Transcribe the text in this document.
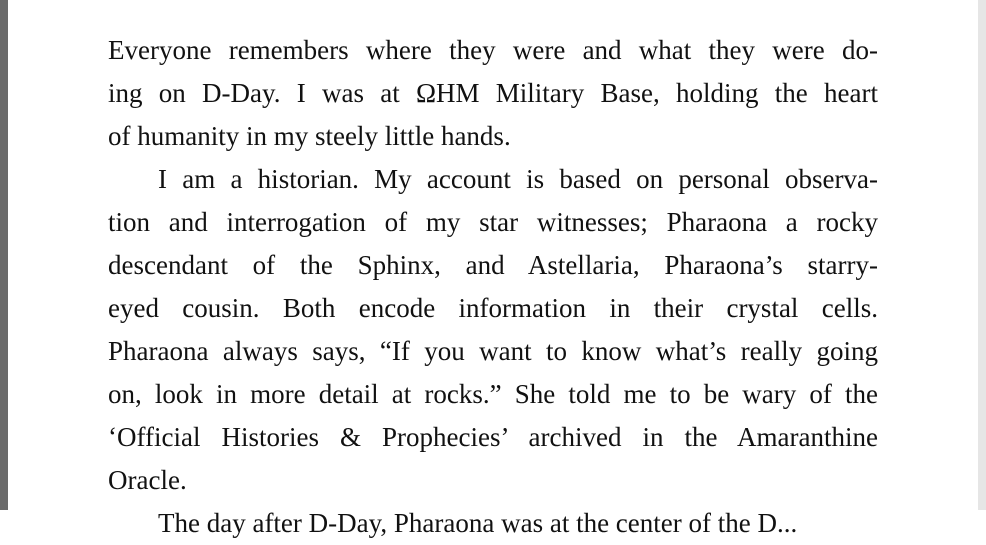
Everyone remembers where they were and what they were do-
ing on D-Day. I was at ΩHM Military Base, holding the heart
of humanity in my steely little hands.
I am a historian. My account is based on personal observa-
tion and interrogation of my star witnesses; Pharaona a rocky
descendant of the Sphinx, and Astellaria, Pharaona’s starry-
eyed cousin. Both encode information in their crystal cells.
Pharaona always says, “If you want to know what’s really going
on, look in more detail at rocks.” She told me to be wary of the
‘Official Histories & Prophecies’ archived in the Amaranthine
Oracle.
The day after D-Day, Pharaona was at the center of the D...
